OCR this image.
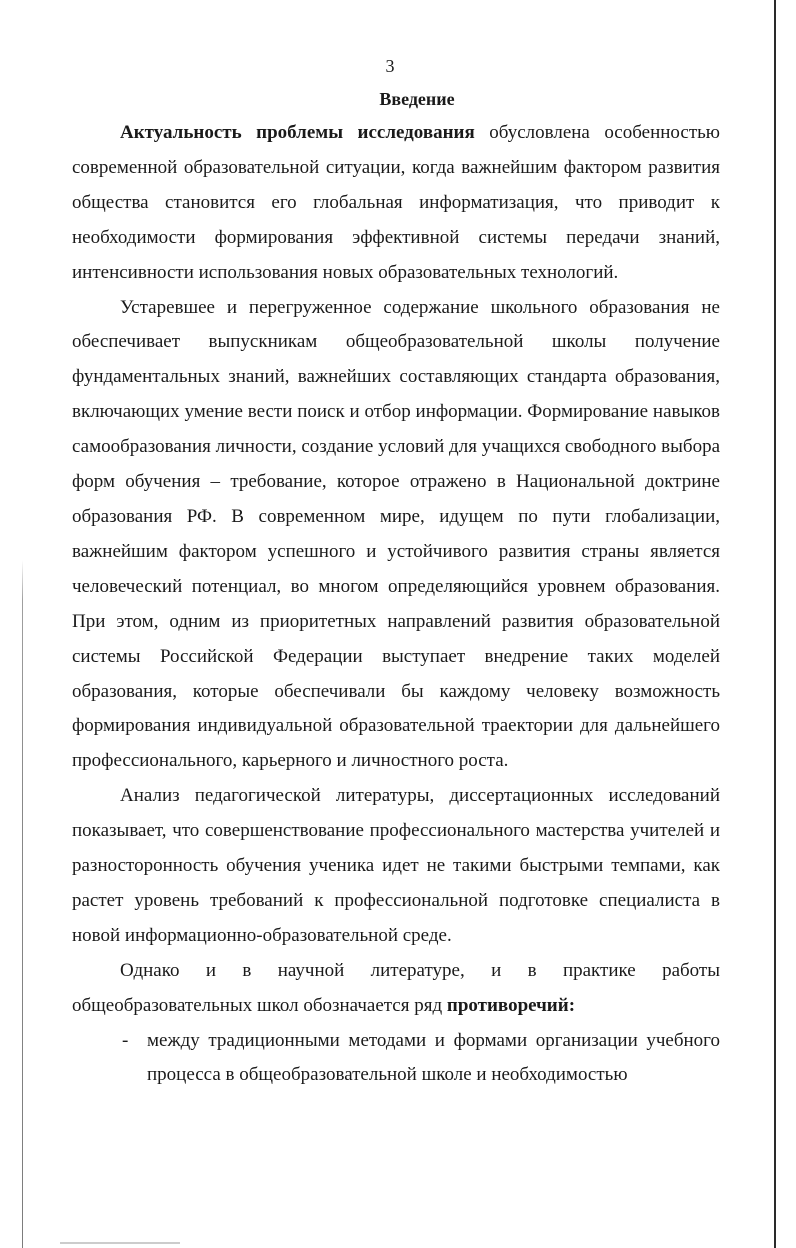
3
Введение

Актуальность проблемы исследования обусловлена особенностью современной образовательной ситуации, когда важнейшим фактором развития общества становится его глобальная информатизация, что приводит к необходимости формирования эффективной системы передачи знаний, интенсивности использования новых образовательных технологий.

Устаревшее и перегруженное содержание школьного образования не обеспечивает выпускникам общеобразовательной школы получение фундаментальных знаний, важнейших составляющих стандарта образования, включающих умение вести поиск и отбор информации. Формирование навыков самообразования личности, создание условий для учащихся свободного выбора форм обучения – требование, которое отражено в Национальной доктрине образования РФ. В современном мире, идущем по пути глобализации, важнейшим фактором успешного и устойчивого развития страны является человеческий потенциал, во многом определяющийся уровнем образования. При этом, одним из приоритетных направлений развития образовательной системы Российской Федерации выступает внедрение таких моделей образования, которые обеспечивали бы каждому человеку возможность формирования индивидуальной образовательной траектории для дальнейшего профессионального, карьерного и личностного роста.

Анализ педагогической литературы, диссертационных исследований показывает, что совершенствование профессионального мастерства учителей и разносторонность обучения ученика идет не такими быстрыми темпами, как растет уровень требований к профессиональной подготовке специалиста в новой информационно-образовательной среде.

Однако и в научной литературе, и в практике работы общеобразовательных школ обозначается ряд противоречий:

- между традиционными методами и формами организации учебного процесса в общеобразовательной школе и необходимостью
